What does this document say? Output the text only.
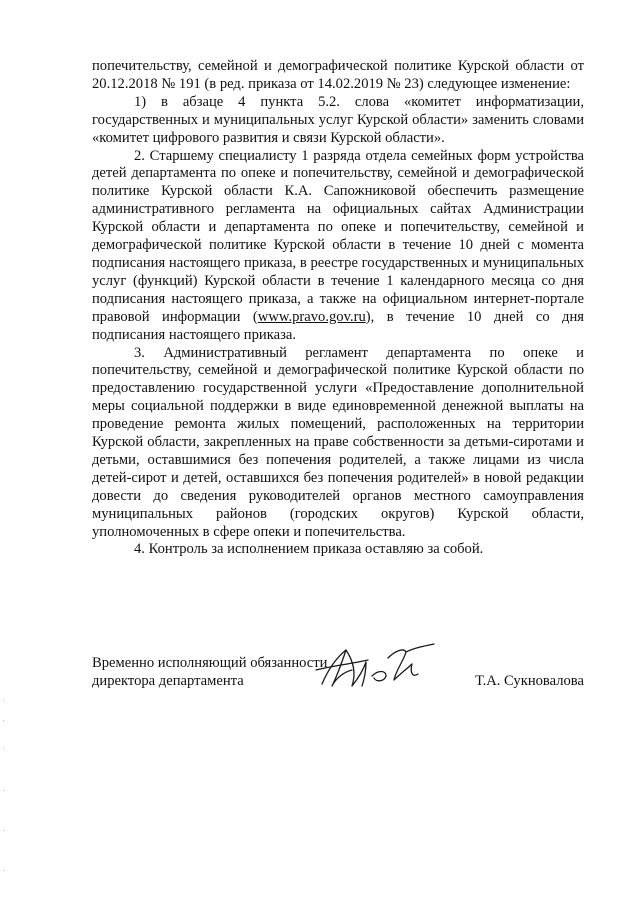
попечительству, семейной и демографической политике Курской области от 20.12.2018 № 191 (в ред. приказа от 14.02.2019 № 23) следующее изменение:

1) в абзаце 4 пункта 5.2. слова «комитет информатизации, государственных и муниципальных услуг Курской области» заменить словами «комитет цифрового развития и связи Курской области».

2. Старшему специалисту 1 разряда отдела семейных форм устройства детей департамента по опеке и попечительству, семейной и демографической политике Курской области К.А. Сапожниковой обеспечить размещение административного регламента на официальных сайтах Администрации Курской области и департамента по опеке и попечительству, семейной и демографической политике Курской области в течение 10 дней с момента подписания настоящего приказа, в реестре государственных и муниципальных услуг (функций) Курской области в течение 1 календарного месяца со дня подписания настоящего приказа, а также на официальном интернет-портале правовой информации (www.pravo.gov.ru), в течение 10 дней со дня подписания настоящего приказа.

3. Административный регламент департамента по опеке и попечительству, семейной и демографической политике Курской области по предоставлению государственной услуги «Предоставление дополнительной меры социальной поддержки в виде единовременной денежной выплаты на проведение ремонта жилых помещений, расположенных на территории Курской области, закрепленных на праве собственности за детьми-сиротами и детьми, оставшимися без попечения родителей, а также лицами из числа детей-сирот и детей, оставшихся без попечения родителей» в новой редакции довести до сведения руководителей органов местного самоуправления муниципальных районов (городских округов) Курской области, уполномоченных в сфере опеки и попечительства.

4. Контроль за исполнением приказа оставляю за собой.

Временно исполняющий обязанности
директора департамента	Т.А. Сукновалова
